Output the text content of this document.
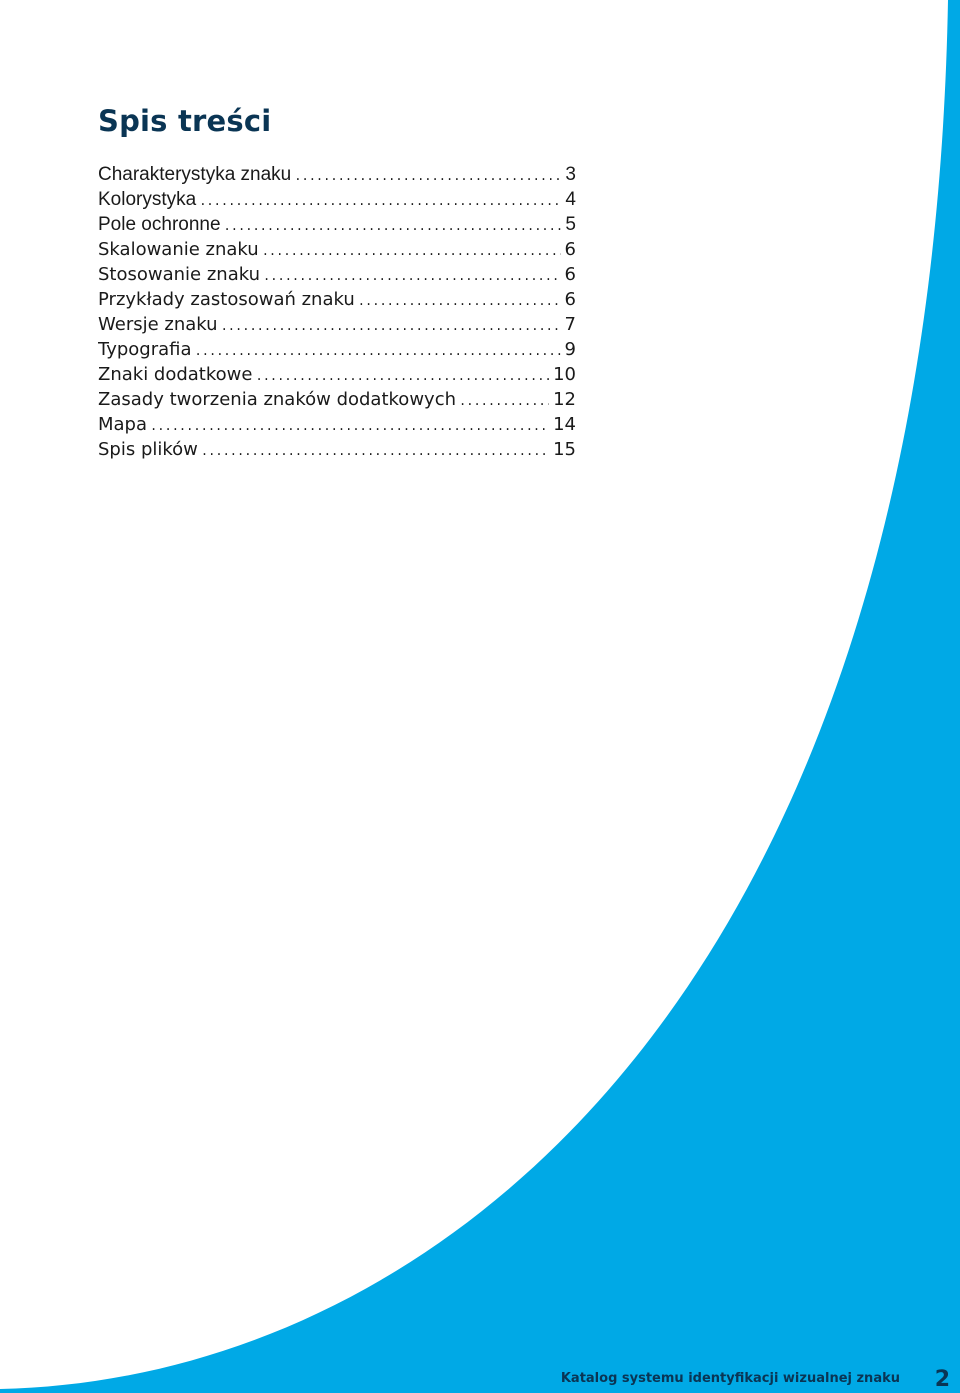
Spis treści
Charakterystyka znaku .....	3
Kolorystyka .....	4
Pole ochronne .....	5
Skalowanie znaku .....	6
Stosowanie znaku .....	6
Przykłady zastosowań znaku .....	6
Wersje znaku .....	7
Typografia .....	9
Znaki dodatkowe .....	10
Zasady tworzenia znaków dodatkowych .....	12
Mapa .....	14
Spis plików .....	15

Katalog systemu identyfikacji wizualnej znaku 2
